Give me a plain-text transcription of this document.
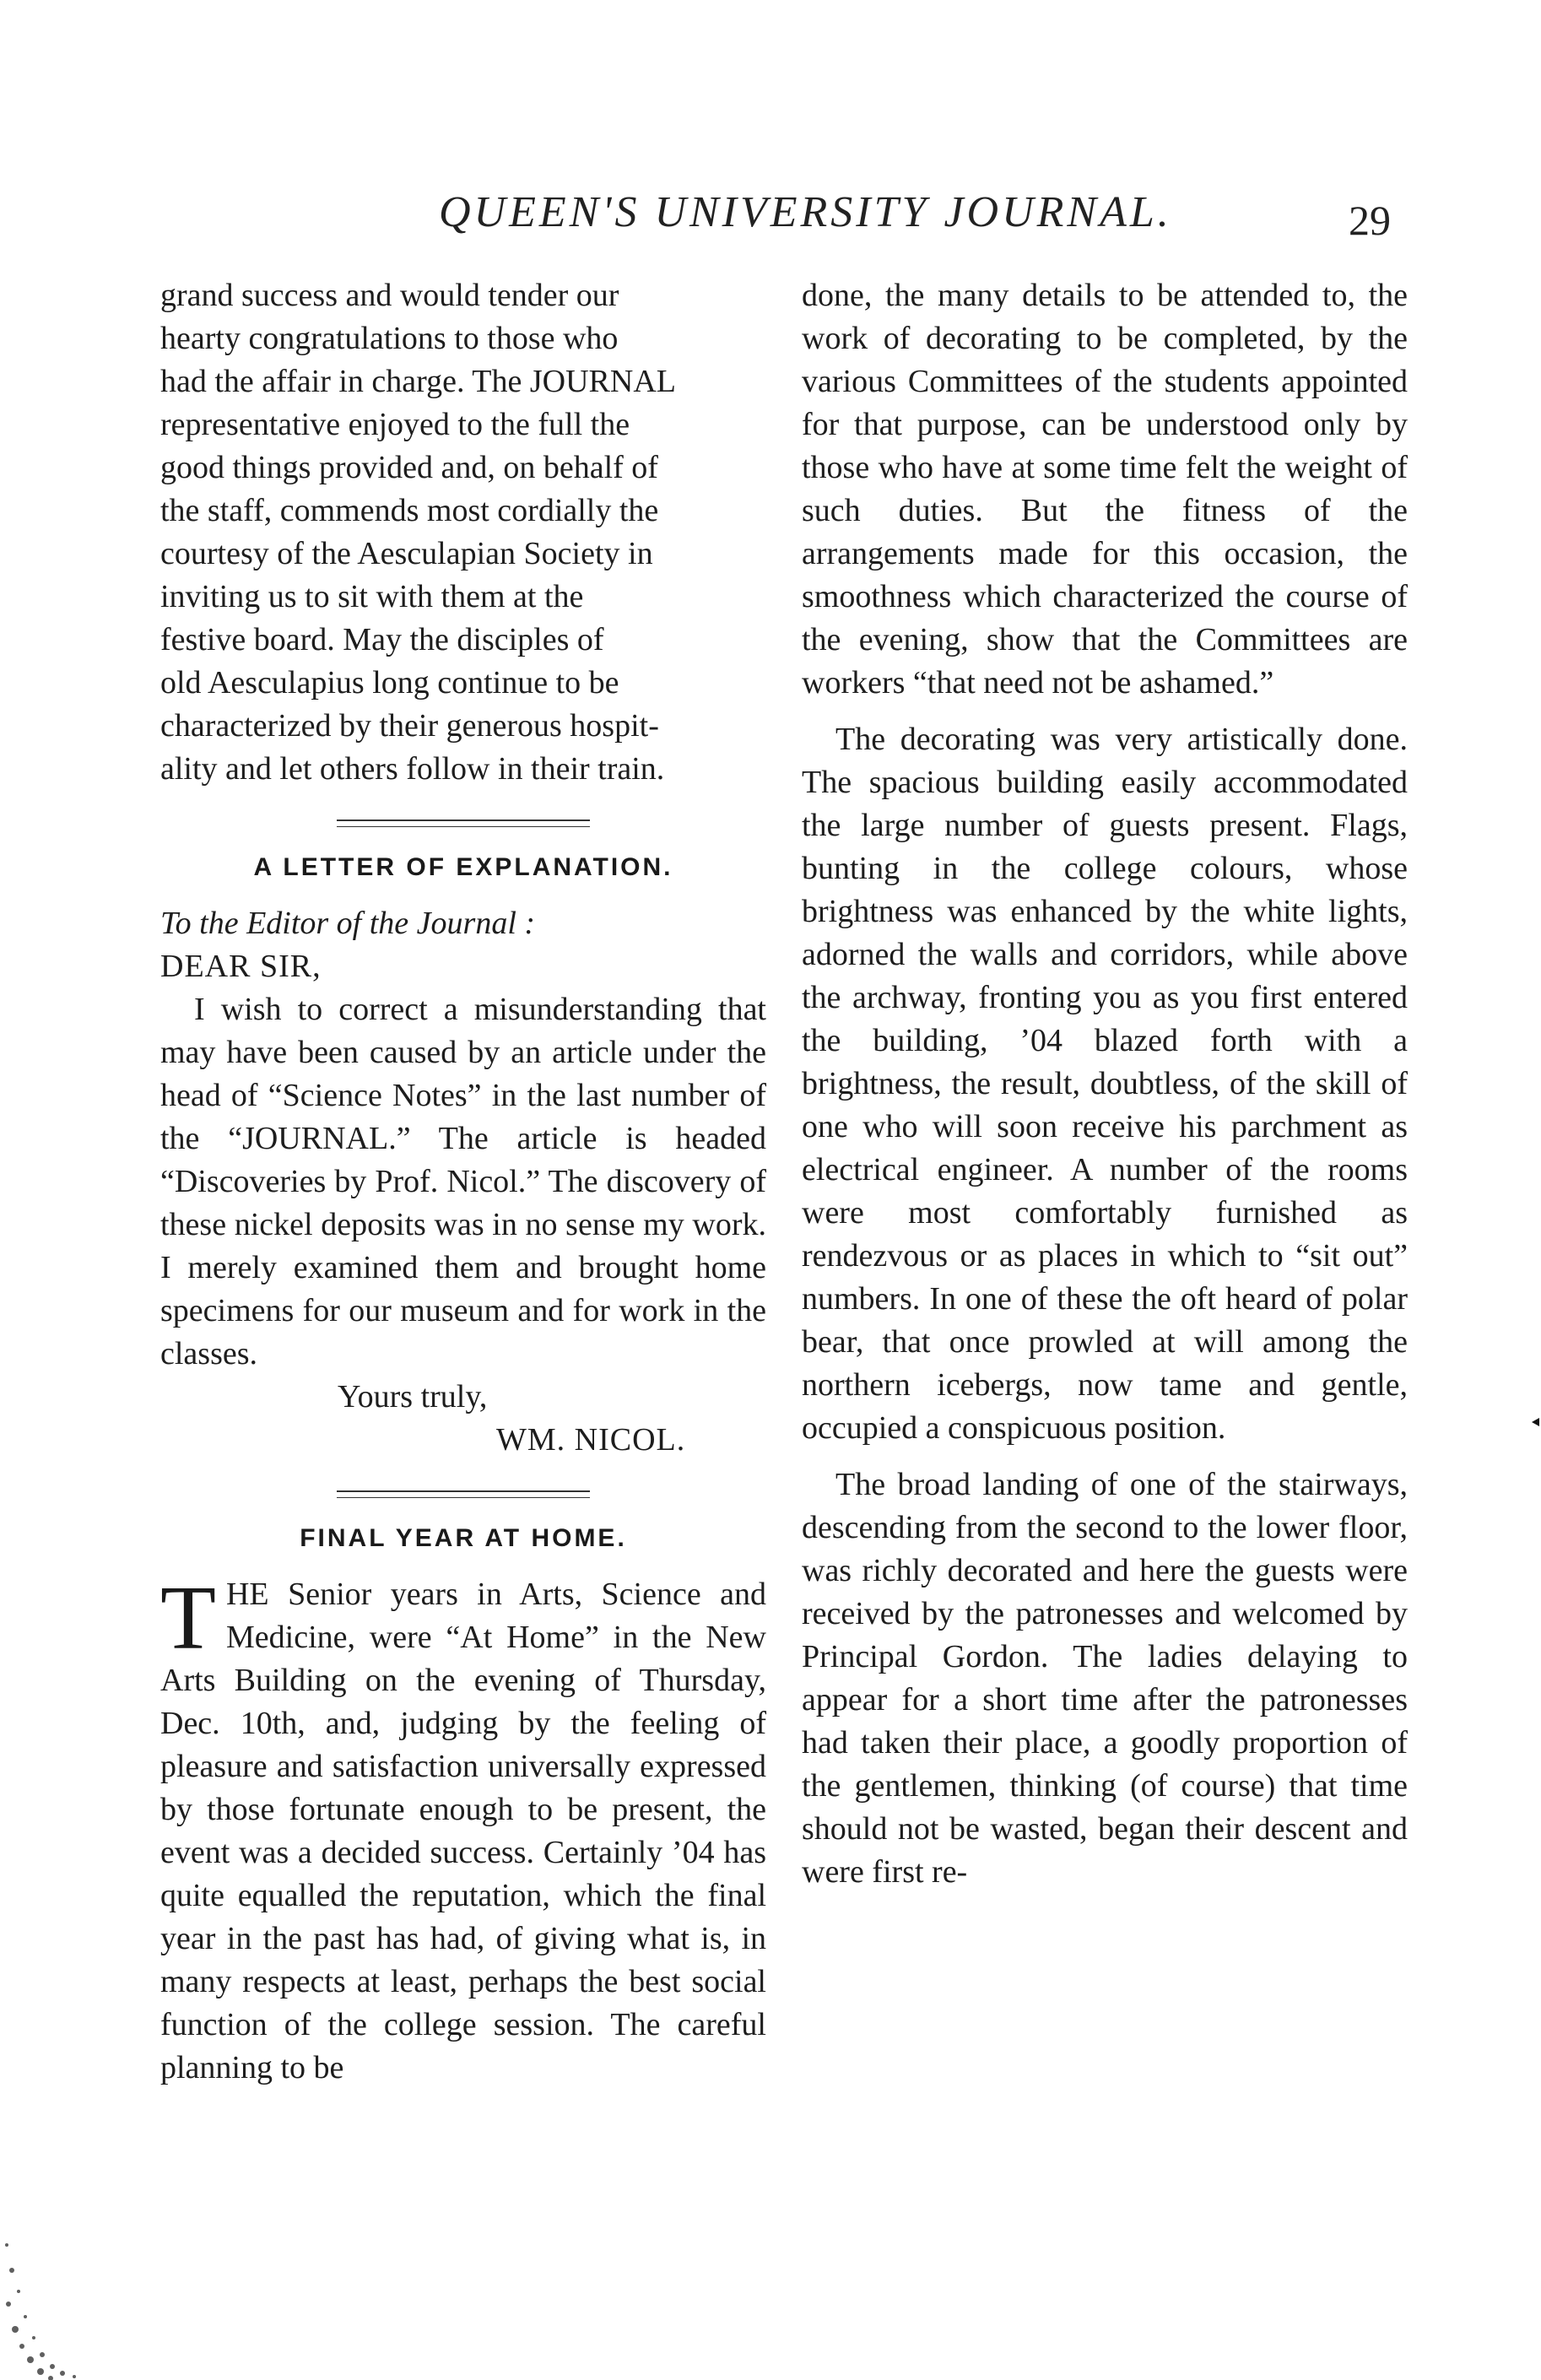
QUEEN'S UNIVERSITY JOURNAL.	29

grand success and would tender our

hearty congratulations to those who

had the affair in charge. The JOURNAL

representative enjoyed to the full the

good things provided and, on behalf of

the staff, commends most cordially the

courtesy of the Aesculapian Society in

inviting us to sit with them at the

festive board. May the disciples of

old Aesculapius long continue to be

characterized by their generous hospit-

ality and let others follow in their train.

A LETTER OF EXPLANATION.

To the Editor of the Journal :

DEAR SIR,

I wish to correct a misunderstanding that may have been caused by an article under the head of “Science Notes” in the last number of the “JOURNAL.” The article is headed “Discoveries by Prof. Nicol.” The discovery of these nickel deposits was in no sense my work. I merely examined them and brought home specimens for our museum and for work in the classes.

Yours truly,

WM. NICOL.

FINAL YEAR AT HOME.

THE Senior years in Arts, Science and Medicine, were “At Home” in the New Arts Building on the evening of Thursday, Dec. 10th, and, judging by the feeling of pleasure and satisfaction universally expressed by those fortunate enough to be present, the event was a decided success. Certainly ’04 has quite equalled the reputation, which the final year in the past has had, of giving what is, in many respects at least, perhaps the best social function of the college session. The careful planning to be

done, the many details to be attended to, the work of decorating to be completed, by the various Committees of the students appointed for that purpose, can be understood only by those who have at some time felt the weight of such duties. But the fitness of the arrangements made for this occasion, the smoothness which characterized the course of the evening, show that the Committees are workers “that need not be ashamed.”

The decorating was very artistically done. The spacious building easily accommodated the large number of guests present. Flags, bunting in the college colours, whose brightness was enhanced by the white lights, adorned the walls and corridors, while above the archway, fronting you as you first entered the building, ’04 blazed forth with a brightness, the result, doubtless, of the skill of one who will soon receive his parchment as electrical engineer. A number of the rooms were most comfortably furnished as rendezvous or as places in which to “sit out” numbers. In one of these the oft heard of polar bear, that once prowled at will among the northern icebergs, now tame and gentle, occupied a conspicuous position.

The broad landing of one of the stairways, descending from the second to the lower floor, was richly decorated and here the guests were received by the patronesses and welcomed by Principal Gordon. The ladies delaying to appear for a short time after the patronesses had taken their place, a goodly proportion of the gentlemen, thinking (of course) that time should not be wasted, began their descent and were first re-
